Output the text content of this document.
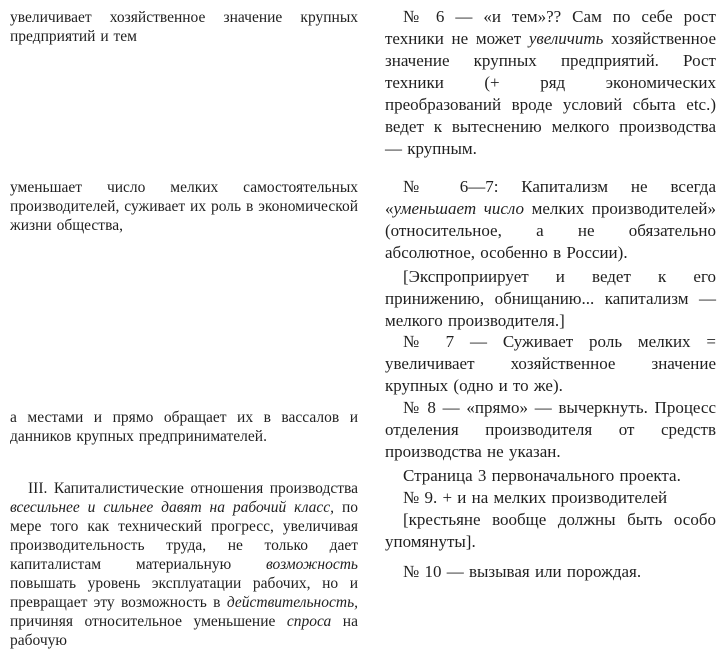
увеличивает хозяйственное значение крупных предприятий и тем

уменьшает число мелких самостоятельных производителей, суживает их роль в экономической жизни общества,

а местами и прямо обращает их в вассалов и данников крупных предпринимателей.

III. Капиталистические отношения производства всесильнее и сильнее давят на рабочий класс, по мере того как технический прогресс, увеличивая производительность труда, не только дает капиталистам материальную возможность повышать уровень эксплуатации рабочих, но и превращает эту возможность в действительность, причиняя относительное уменьшение спроса на рабочую

№ 6 — «и тем»?? Сам по себе рост техники не может увеличить хозяйственное значение крупных предприятий. Рост техники (+ ряд экономических преобразований вроде условий сбыта etc.) ведет к вытеснению мелкого производства — крупным.

№ 6—7: Капитализм не всегда «уменьшает число мелких производителей» (относительное, а не обязательно абсолютное, особенно в России).

[Экспроприирует и ведет к его принижению, обнищанию... капитализм — мелкого производителя.]

№ 7 — Суживает роль мелких = увеличивает хозяйственное значение крупных (одно и то же).

№ 8 — «прямо» — вычеркнуть. Процесс отделения производителя от средств производства не указан.

Страница 3 первоначального проекта.

№ 9. + и на мелких производителей

[крестьяне вообще должны быть особо упомянуты].

№ 10 — вызывая или порождая.
